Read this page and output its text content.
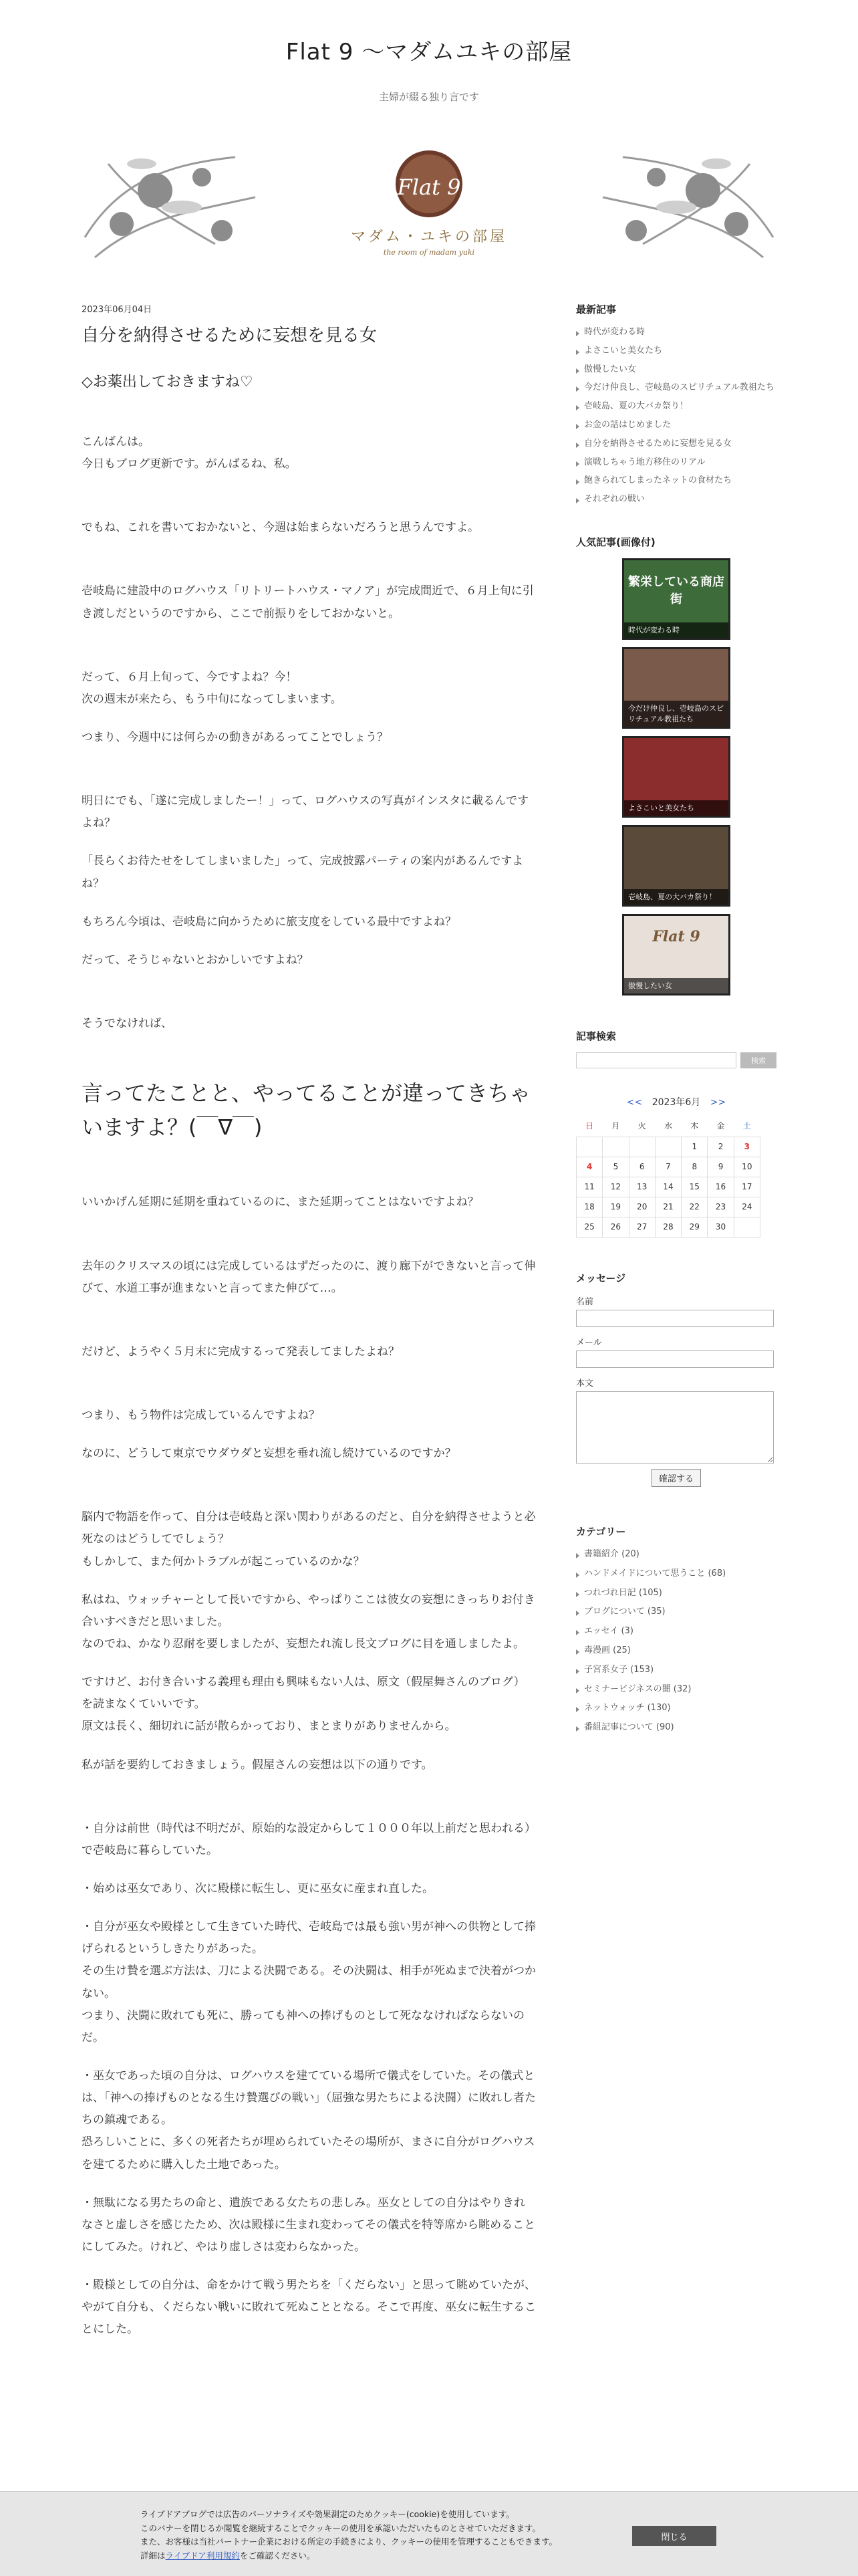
Flat 9 〜マダムユキの部屋
主婦が綴る独り言です
Flat 9
マダム・ユキの部屋
the room of madam yuki
2023年06月04日
自分を納得させるために妄想を見る女
◇お薬出しておきますね♡
こんばんは。
今日もブログ更新です。がんばるね、私。
でもね、これを書いておかないと、今週は始まらないだろうと思うんですよ。
壱岐島に建設中のログハウス「リトリートハウス・マノア」が完成間近で、６月上旬に引き渡しだというのですから、ここで前振りをしておかないと。
だって、６月上旬って、今ですよね？今！
次の週末が来たら、もう中旬になってしまいます。
つまり、今週中には何らかの動きがあるってことでしょう？
明日にでも、「遂に完成しましたー！」って、ログハウスの写真がインスタに載るんですよね？
「長らくお待たせをしてしまいました」って、完成披露パーティの案内があるんですよね？
もちろん今頃は、壱岐島に向かうために旅支度をしている最中ですよね？
だって、そうじゃないとおかしいですよね？
そうでなければ、
言ってたことと、やってることが違ってきちゃいますよ？(￣∇￣)
いいかげん延期に延期を重ねているのに、また延期ってことはないですよね？
去年のクリスマスの頃には完成しているはずだったのに、渡り廊下ができないと言って伸びて、水道工事が進まないと言ってまた伸びて…。
だけど、ようやく５月末に完成するって発表してましたよね？
つまり、もう物件は完成しているんですよね？
なのに、どうして東京でウダウダと妄想を垂れ流し続けているのですか？
脳内で物語を作って、自分は壱岐島と深い関わりがあるのだと、自分を納得させようと必死なのはどうしてでしょう？
もしかして、また何かトラブルが起こっているのかな？
私はね、ウォッチャーとして長いですから、やっぱりここは彼女の妄想にきっちりお付き合いすべきだと思いました。
なのでね、かなり忍耐を要しましたが、妄想たれ流し長文ブログに目を通しましたよ。
ですけど、お付き合いする義理も理由も興味もない人は、原文（假屋舞さんのブログ）を読まなくていいです。
原文は長く、細切れに話が散らかっており、まとまりがありませんから。
私が話を要約しておきましょう。假屋さんの妄想は以下の通りです。
・自分は前世（時代は不明だが、原始的な設定からして１０００年以上前だと思われる）で壱岐島に暮らしていた。
・始めは巫女であり、次に殿様に転生し、更に巫女に産まれ直した。
・自分が巫女や殿様として生きていた時代、壱岐島では最も強い男が神への供物として捧げられるというしきたりがあった。
その生け贄を選ぶ方法は、刀による決闘である。その決闘は、相手が死ぬまで決着がつかない。
つまり、決闘に敗れても死に、勝っても神への捧げものとして死ななければならないのだ。
・巫女であった頃の自分は、ログハウスを建てている場所で儀式をしていた。その儀式とは、「神への捧げものとなる生け贄選びの戦い」（屈強な男たちによる決闘）に敗れし者たちの鎮魂である。
恐ろしいことに、多くの死者たちが埋められていたその場所が、まさに自分がログハウスを建てるために購入した土地であった。
・無駄になる男たちの命と、遺族である女たちの悲しみ。巫女としての自分はやりきれなさと虚しさを感じたため、次は殿様に生まれ変わってその儀式を特等席から眺めることにしてみた。けれど、やはり虚しさは変わらなかった。
・殿様としての自分は、命をかけて戦う男たちを「くだらない」と思って眺めていたが、やがて自分も、くだらない戦いに敗れて死ぬこととなる。そこで再度、巫女に転生することにした。
最新記事
時代が変わる時
よさこいと美女たち
傲慢したい女
今だけ仲良し、壱岐島のスピリチュアル教祖たち
壱岐島、夏の大バカ祭り！
お金の話はじめました
自分を納得させるために妄想を見る女
演戦しちゃう地方移住のリアル
飽きられてしまったネットの食材たち
それぞれの戦い
人気記事(画像付)
繁栄している商店街
時代が変わる時
今だけ仲良し、壱岐島のスピリチュアル教祖たち
よさこいと美女たち
壱岐島、夏の大バカ祭り！
Flat 9
傲慢したい女
記事検索
検索
<< 2023年6月 >>
日	月	火	水	木	金	土
				1	2	3
4	5	6	7	8	9	10
11	12	13	14	15	16	17
18	19	20	21	22	23	24
25	26	27	28	29	30	
メッセージ
名前
メール
本文
確認する
カテゴリー
書籍紹介 (20)
ハンドメイドについて思うこと (68)
つれづれ日記 (105)
ブログについて (35)
エッセイ (3)
毒漫画 (25)
子宮系女子 (153)
セミナービジネスの闇 (32)
ネットウォッチ (130)
番組記事について (90)
ライブドアブログでは広告のパーソナライズや効果測定のためクッキー(cookie)を使用しています。
このバナーを閉じるか閲覧を継続することでクッキーの使用を承認いただいたものとさせていただきます。
また、お客様は当社パートナー企業における所定の手続きにより、クッキーの使用を管理することもできます。
詳細はライブドア利用規約をご確認ください。
閉じる
